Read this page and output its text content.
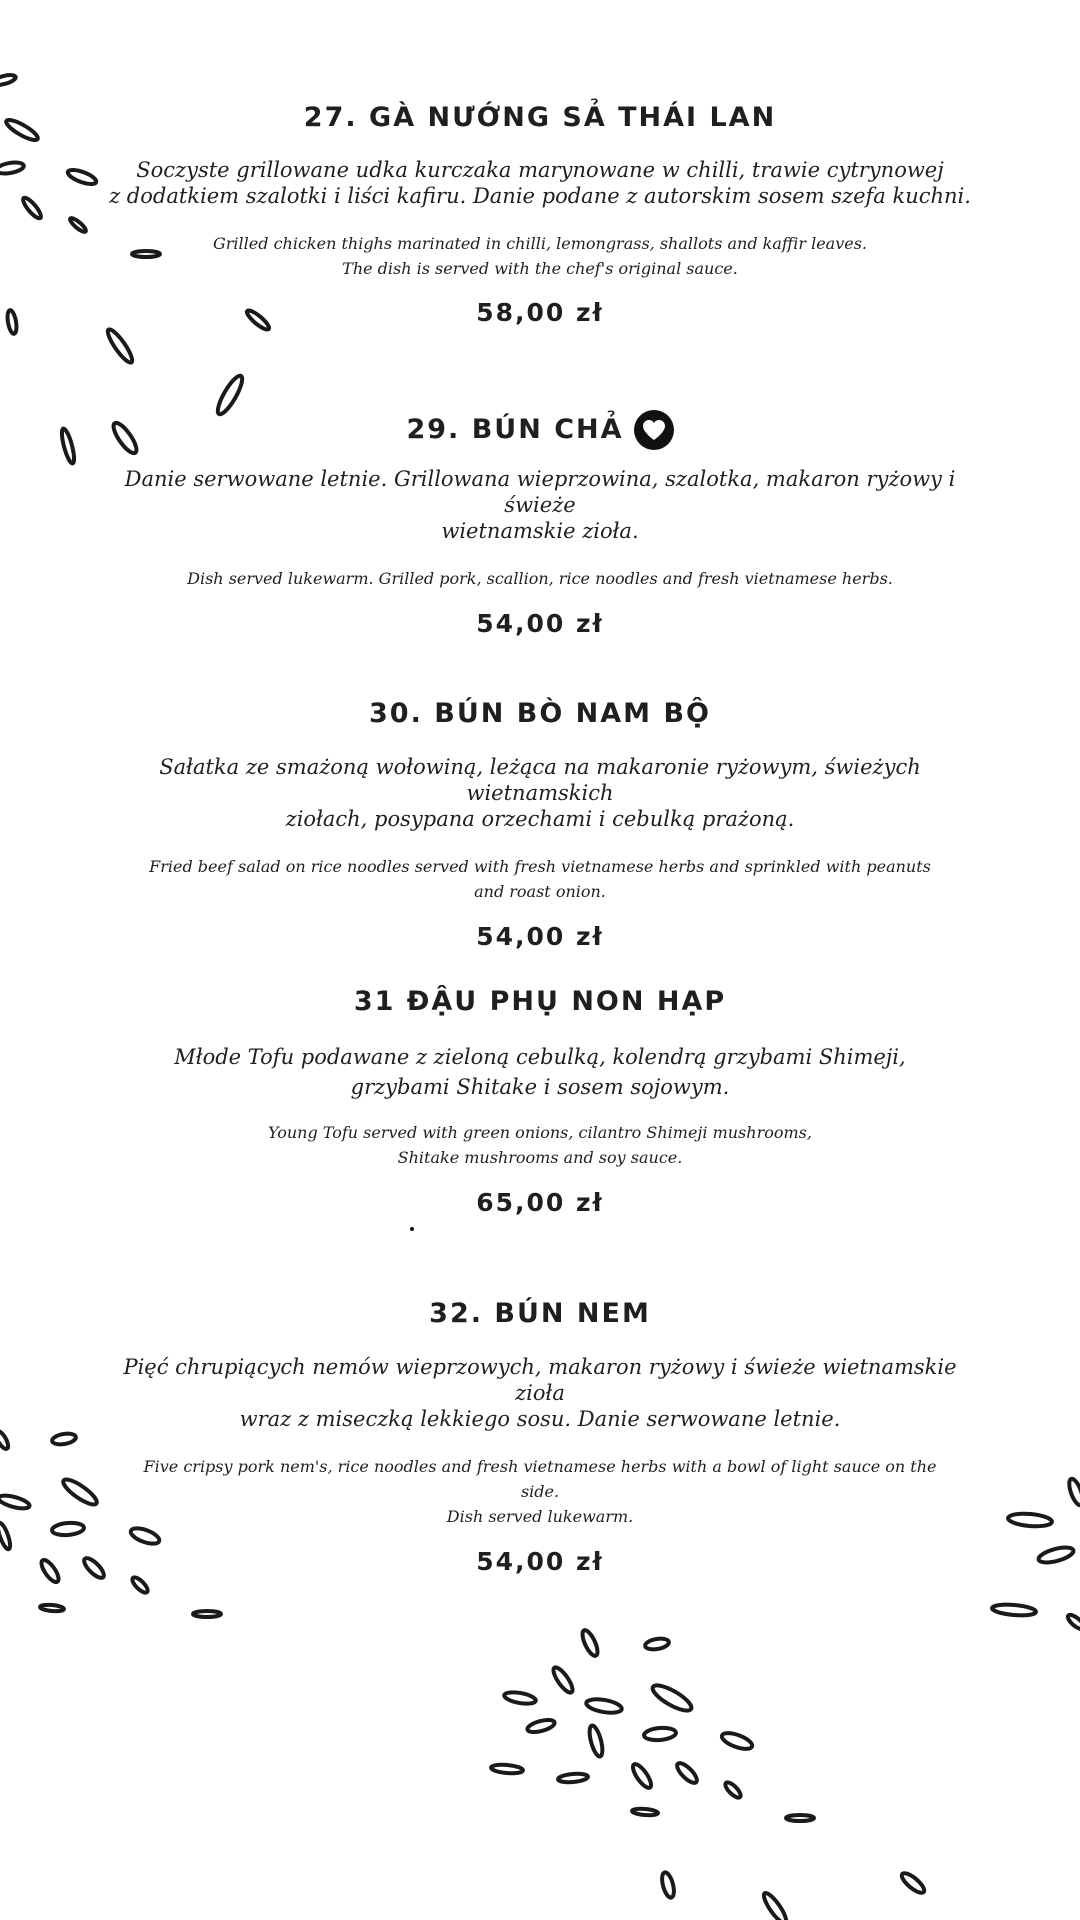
27. GÀ NƯỚNG SẢ THÁI LAN
Soczyste grillowane udka kurczaka marynowane w chilli, trawie cytrynowej
z dodatkiem szalotki i liści kafiru. Danie podane z autorskim sosem szefa kuchni.
Grilled chicken thighs marinated in chilli, lemongrass, shallots and kaffir leaves.
The dish is served with the chef's original sauce.
58,00 zł
29. BÚN CHẢ
Danie serwowane letnie. Grillowana wieprzowina, szalotka, makaron ryżowy i świeże
wietnamskie zioła.
Dish served lukewarm. Grilled pork, scallion, rice noodles and fresh vietnamese herbs.
54,00 zł
30. BÚN BÒ NAM BỘ
Sałatka ze smażoną wołowiną, leżąca na makaronie ryżowym, świeżych wietnamskich
ziołach, posypana orzechami i cebulką prażoną.
Fried beef salad on rice noodles served with fresh vietnamese herbs and sprinkled with peanuts
and roast onion.
54,00 zł
31 ĐẬU PHỤ NON HẠP
Młode Tofu podawane z zieloną cebulką, kolendrą grzybami Shimeji,
grzybami Shitake i sosem sojowym.
Young Tofu served with green onions, cilantro Shimeji mushrooms,
Shitake mushrooms and soy sauce.
65,00 zł
32. BÚN NEM
Pięć chrupiących nemów wieprzowych, makaron ryżowy i świeże wietnamskie zioła
wraz z miseczką lekkiego sosu. Danie serwowane letnie.
Five cripsy pork nem's, rice noodles and fresh vietnamese herbs with a bowl of light sauce on the side.
Dish served lukewarm.
54,00 zł
